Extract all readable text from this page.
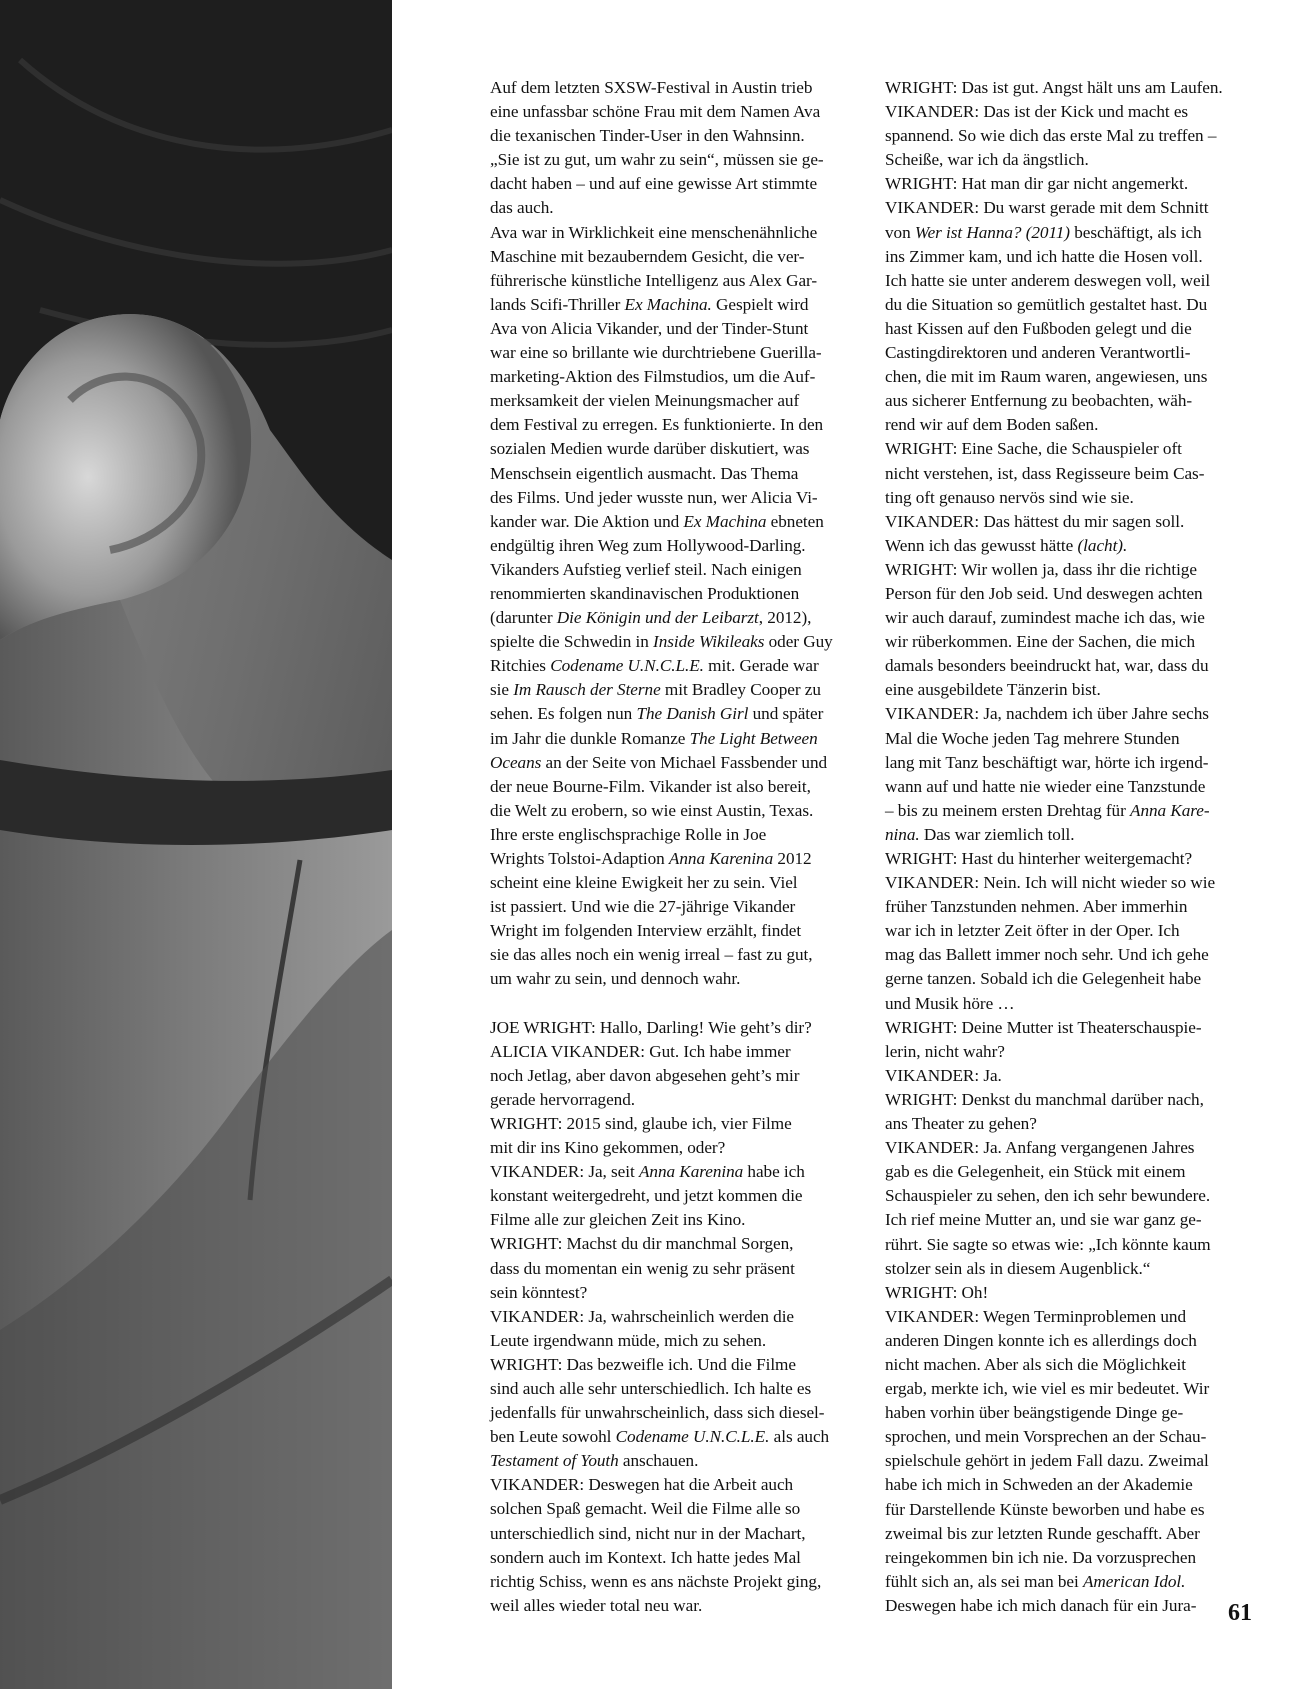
Auf dem letzten SXSW-Festival in Austin trieb
eine unfassbar schöne Frau mit dem Namen Ava
die texanischen Tinder-User in den Wahnsinn.
„Sie ist zu gut, um wahr zu sein“, müssen sie ge-
dacht haben – und auf eine gewisse Art stimmte
das auch.
Ava war in Wirklichkeit eine menschenähnliche
Maschine mit bezauberndem Gesicht, die ver-
führerische künstliche Intelligenz aus Alex Gar-
lands Scifi-Thriller Ex Machina. Gespielt wird
Ava von Alicia Vikander, und der Tinder-Stunt
war eine so brillante wie durchtriebene Guerilla-
marketing-Aktion des Filmstudios, um die Auf-
merksamkeit der vielen Meinungsmacher auf
dem Festival zu erregen. Es funktionierte. In den
sozialen Medien wurde darüber diskutiert, was
Menschsein eigentlich ausmacht. Das Thema
des Films. Und jeder wusste nun, wer Alicia Vi-
kander war. Die Aktion und Ex Machina ebneten
endgültig ihren Weg zum Hollywood-Darling.
Vikanders Aufstieg verlief steil. Nach einigen
renommierten skandinavischen Produktionen
(darunter Die Königin und der Leibarzt, 2012),
spielte die Schwedin in Inside Wikileaks oder Guy
Ritchies Codename U.N.C.L.E. mit. Gerade war
sie Im Rausch der Sterne mit Bradley Cooper zu
sehen. Es folgen nun The Danish Girl und später
im Jahr die dunkle Romanze The Light Between
Oceans an der Seite von Michael Fassbender und
der neue Bourne-Film. Vikander ist also bereit,
die Welt zu erobern, so wie einst Austin, Texas.
Ihre erste englischsprachige Rolle in Joe
Wrights Tolstoi-Adaption Anna Karenina 2012
scheint eine kleine Ewigkeit her zu sein. Viel
ist passiert. Und wie die 27-jährige Vikander
Wright im folgenden Interview erzählt, findet
sie das alles noch ein wenig irreal – fast zu gut,
um wahr zu sein, und dennoch wahr.
JOE WRIGHT: Hallo, Darling! Wie geht’s dir?
ALICIA VIKANDER: Gut. Ich habe immer
noch Jetlag, aber davon abgesehen geht’s mir
gerade hervorragend.
WRIGHT: 2015 sind, glaube ich, vier Filme
mit dir ins Kino gekommen, oder?
VIKANDER: Ja, seit Anna Karenina habe ich
konstant weitergedreht, und jetzt kommen die
Filme alle zur gleichen Zeit ins Kino.
WRIGHT: Machst du dir manchmal Sorgen,
dass du momentan ein wenig zu sehr präsent
sein könntest?
VIKANDER: Ja, wahrscheinlich werden die
Leute irgendwann müde, mich zu sehen.
WRIGHT: Das bezweifle ich. Und die Filme
sind auch alle sehr unterschiedlich. Ich halte es
jedenfalls für unwahrscheinlich, dass sich diesel-
ben Leute sowohl Codename U.N.C.L.E. als auch
Testament of Youth anschauen.
VIKANDER: Deswegen hat die Arbeit auch
solchen Spaß gemacht. Weil die Filme alle so
unterschiedlich sind, nicht nur in der Machart,
sondern auch im Kontext. Ich hatte jedes Mal
richtig Schiss, wenn es ans nächste Projekt ging,
weil alles wieder total neu war.
WRIGHT: Das ist gut. Angst hält uns am Laufen.
VIKANDER: Das ist der Kick und macht es
spannend. So wie dich das erste Mal zu treffen –
Scheiße, war ich da ängstlich.
WRIGHT: Hat man dir gar nicht angemerkt.
VIKANDER: Du warst gerade mit dem Schnitt
von Wer ist Hanna? (2011) beschäftigt, als ich
ins Zimmer kam, und ich hatte die Hosen voll.
Ich hatte sie unter anderem deswegen voll, weil
du die Situation so gemütlich gestaltet hast. Du
hast Kissen auf den Fußboden gelegt und die
Castingdirektoren und anderen Verantwortli-
chen, die mit im Raum waren, angewiesen, uns
aus sicherer Entfernung zu beobachten, wäh-
rend wir auf dem Boden saßen.
WRIGHT: Eine Sache, die Schauspieler oft
nicht verstehen, ist, dass Regisseure beim Cas-
ting oft genauso nervös sind wie sie.
VIKANDER: Das hättest du mir sagen soll.
Wenn ich das gewusst hätte (lacht).
WRIGHT: Wir wollen ja, dass ihr die richtige
Person für den Job seid. Und deswegen achten
wir auch darauf, zumindest mache ich das, wie
wir rüberkommen. Eine der Sachen, die mich
damals besonders beeindruckt hat, war, dass du
eine ausgebildete Tänzerin bist.
VIKANDER: Ja, nachdem ich über Jahre sechs
Mal die Woche jeden Tag mehrere Stunden
lang mit Tanz beschäftigt war, hörte ich irgend-
wann auf und hatte nie wieder eine Tanzstunde
– bis zu meinem ersten Drehtag für Anna Kare-
nina. Das war ziemlich toll.
WRIGHT: Hast du hinterher weitergemacht?
VIKANDER: Nein. Ich will nicht wieder so wie
früher Tanzstunden nehmen. Aber immerhin
war ich in letzter Zeit öfter in der Oper. Ich
mag das Ballett immer noch sehr. Und ich gehe
gerne tanzen. Sobald ich die Gelegenheit habe
und Musik höre …
WRIGHT: Deine Mutter ist Theaterschauspie-
lerin, nicht wahr?
VIKANDER: Ja.
WRIGHT: Denkst du manchmal darüber nach,
ans Theater zu gehen?
VIKANDER: Ja. Anfang vergangenen Jahres
gab es die Gelegenheit, ein Stück mit einem
Schauspieler zu sehen, den ich sehr bewundere.
Ich rief meine Mutter an, und sie war ganz ge-
rührt. Sie sagte so etwas wie: „Ich könnte kaum
stolzer sein als in diesem Augenblick.“
WRIGHT: Oh!
VIKANDER: Wegen Terminproblemen und
anderen Dingen konnte ich es allerdings doch
nicht machen. Aber als sich die Möglichkeit
ergab, merkte ich, wie viel es mir bedeutet. Wir
haben vorhin über beängstigende Dinge ge-
sprochen, und mein Vorsprechen an der Schau-
spielschule gehört in jedem Fall dazu. Zweimal
habe ich mich in Schweden an der Akademie
für Darstellende Künste beworben und habe es
zweimal bis zur letzten Runde geschafft. Aber
reingekommen bin ich nie. Da vorzusprechen
fühlt sich an, als sei man bei American Idol.
Deswegen habe ich mich danach für ein Jura-	61
